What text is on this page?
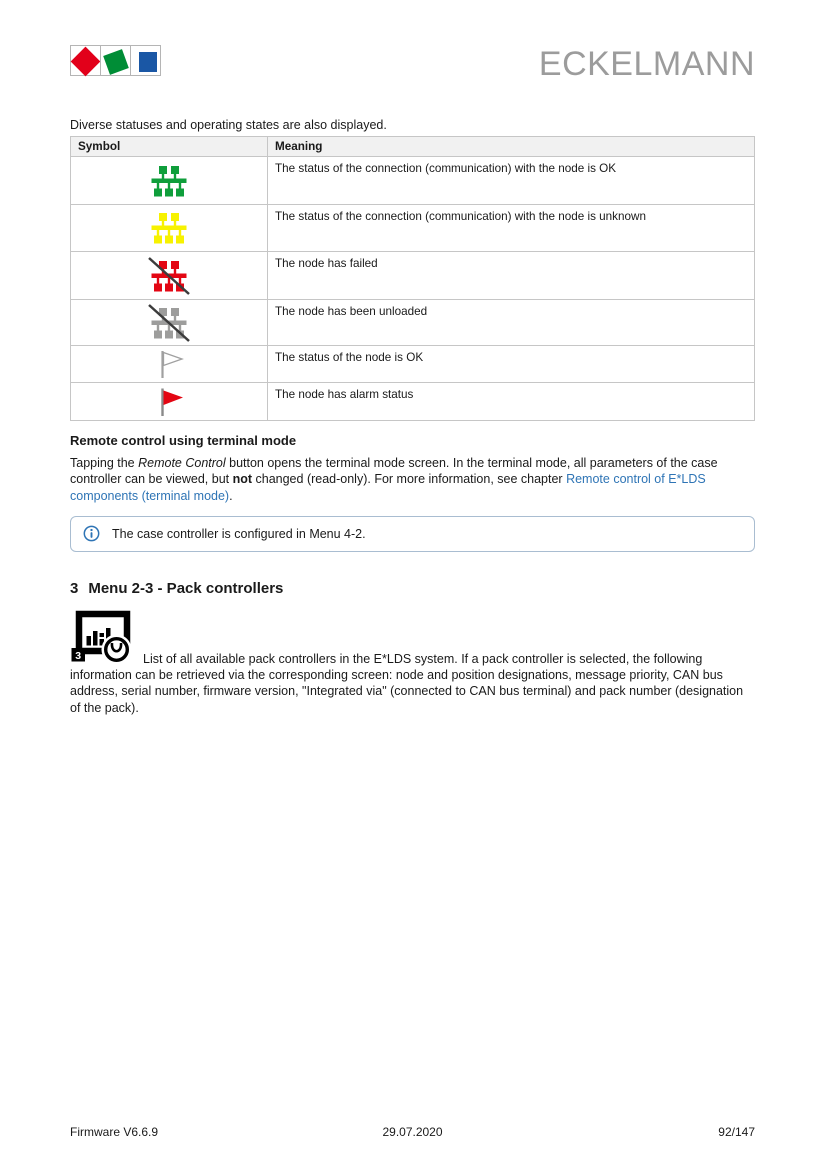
ECKELMANN
Diverse statuses and operating states are also displayed.
Symbol	Meaning
The status of the connection (communication) with the node is OK
The status of the connection (communication) with the node is unknown
The node has failed
The node has been unloaded
The status of the node is OK
The node has alarm status
Remote control using terminal mode
Tapping the Remote Control button opens the terminal mode screen. In the terminal mode, all parameters of the case controller can be viewed, but not changed (read-only). For more information, see chapter Remote control of E*LDS components (terminal mode).
The case controller is configured in Menu 4-2.
3 Menu 2-3 - Pack controllers
3	List of all available pack controllers in the E*LDS system. If a pack controller is selected, the following information can be retrieved via the corresponding screen: node and position designations, message priority, CAN bus address, serial number, firmware version, "Integrated via" (connected to CAN bus terminal) and pack number (designation of the pack).
29.07.2020
Firmware V6.6.9	92/147
